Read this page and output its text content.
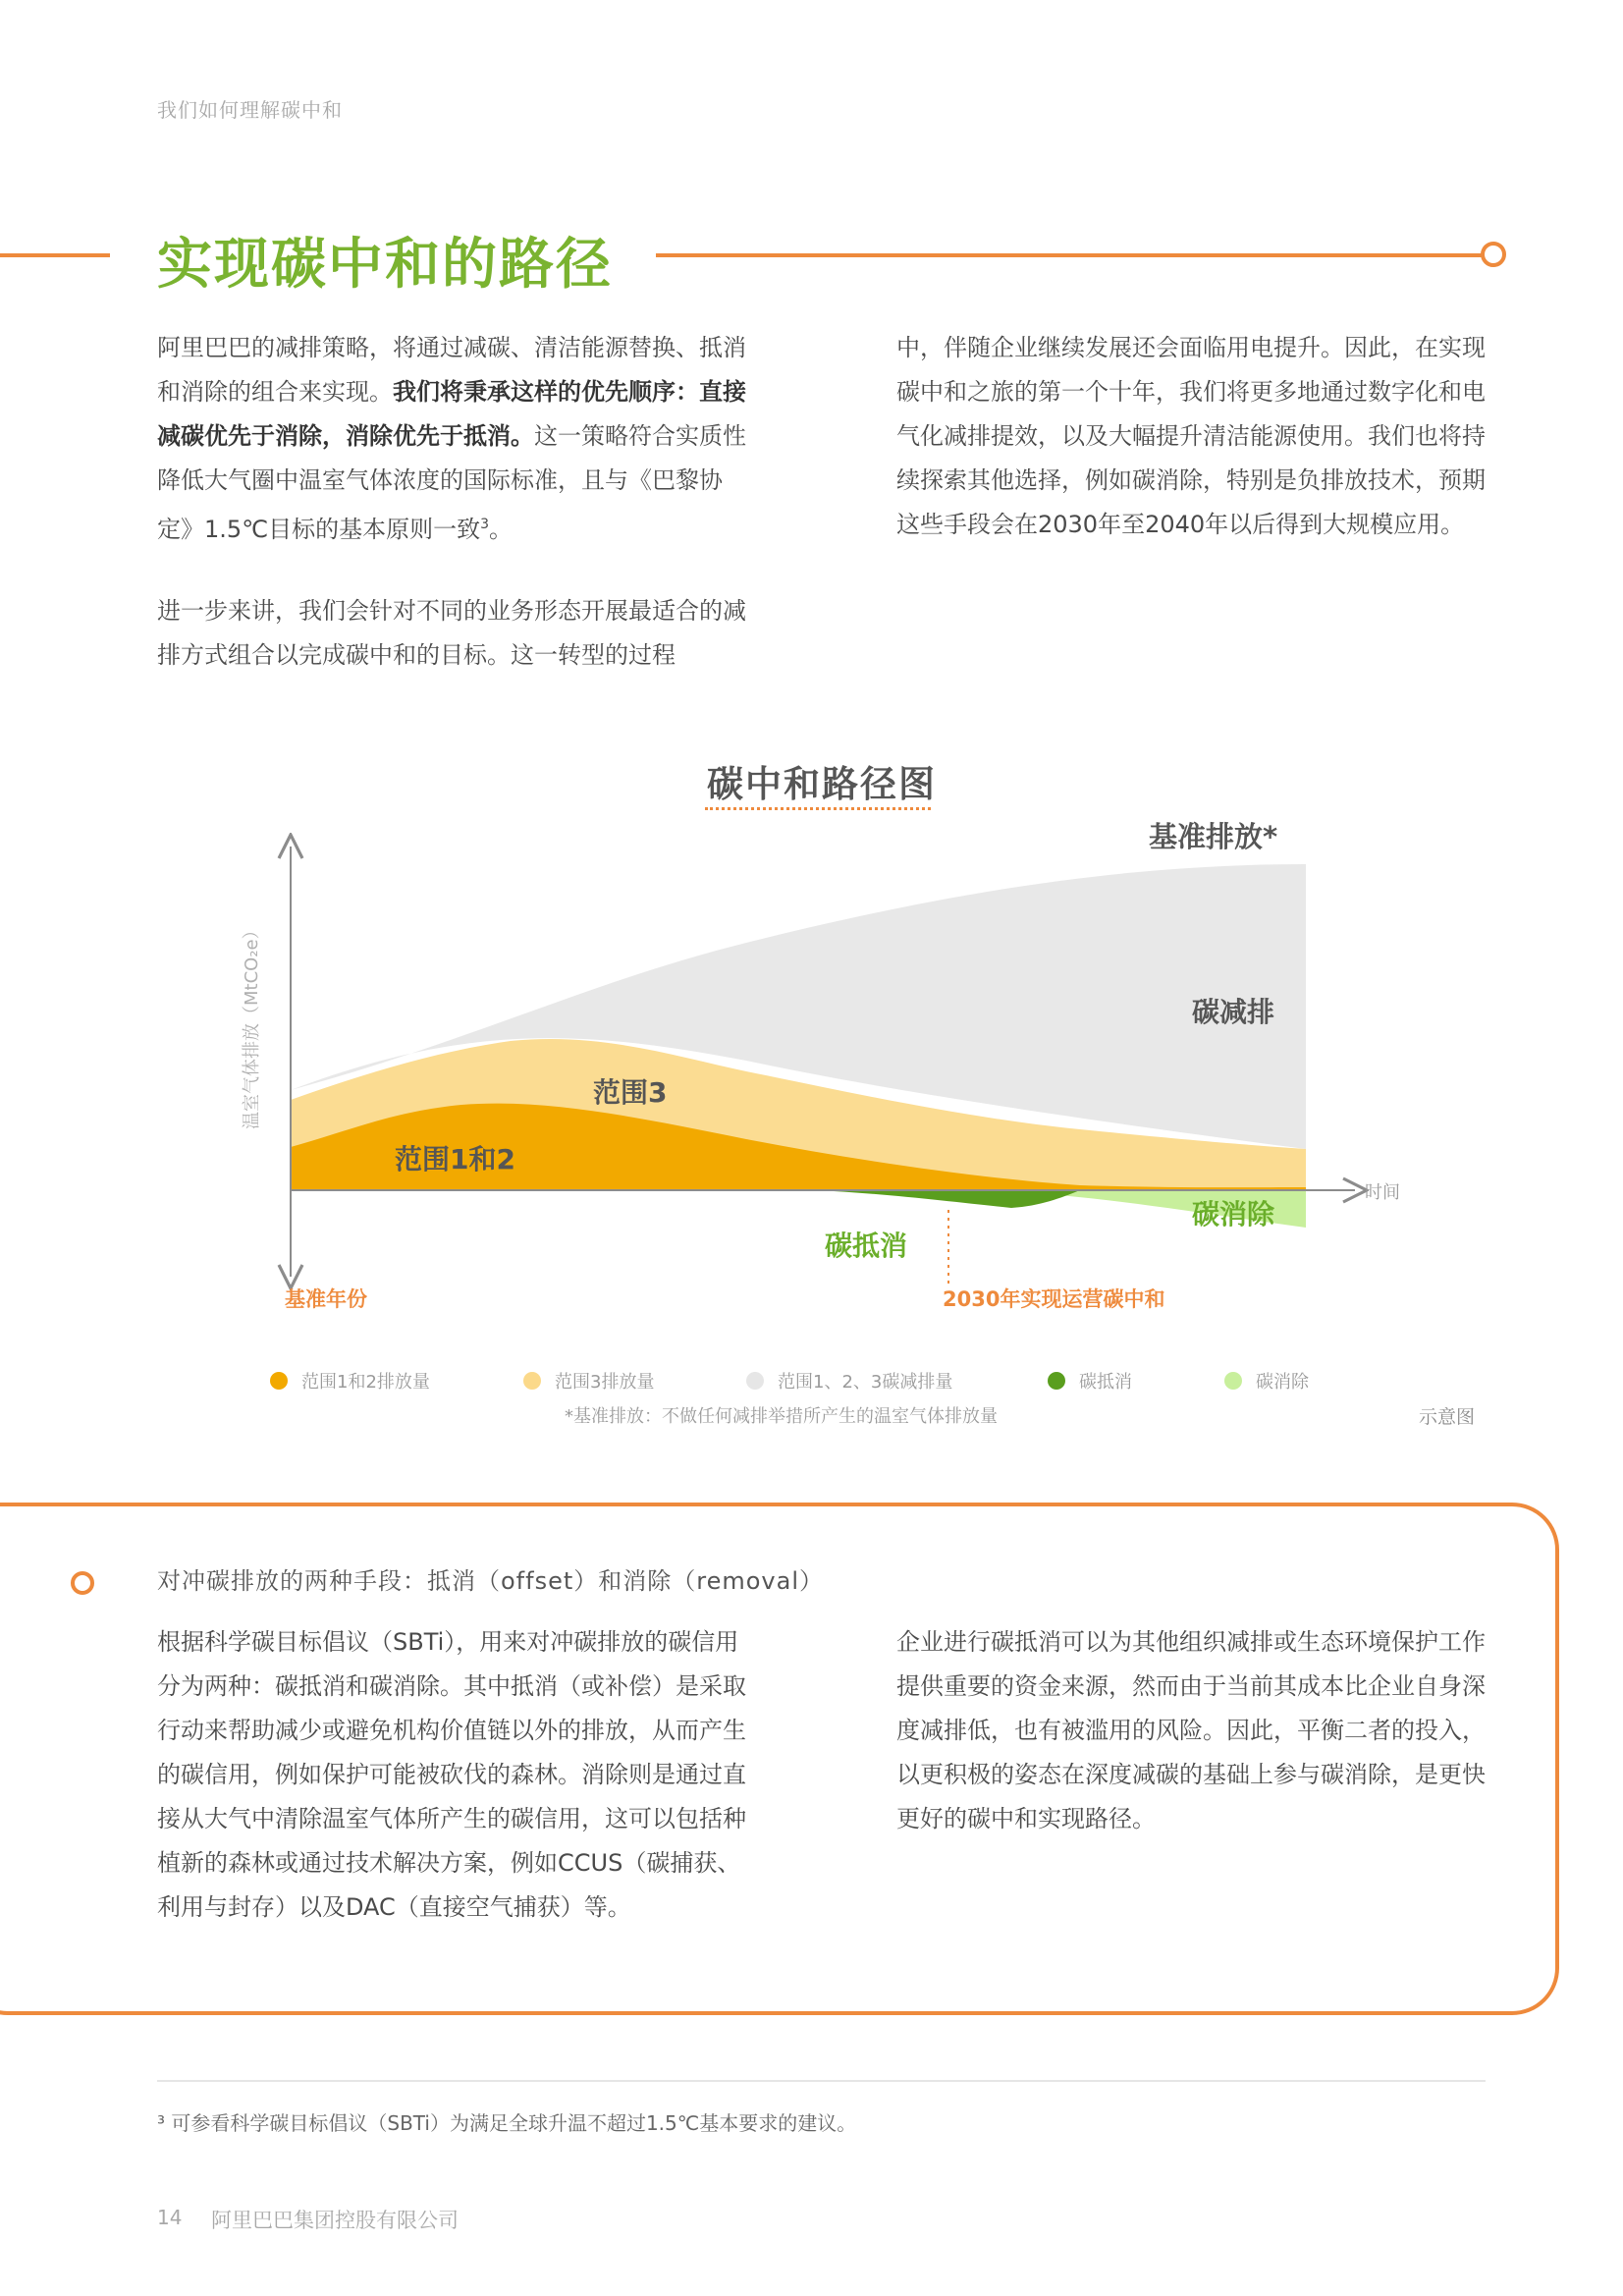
我们如何理解碳中和
实现碳中和的路径
阿里巴巴的减排策略，将通过减碳、清洁能源替换、抵消和消除的组合来实现。我们将秉承这样的优先顺序：直接减碳优先于消除，消除优先于抵消。这一策略符合实质性降低大气圈中温室气体浓度的国际标准，且与《巴黎协定》1.5℃目标的基本原则一致$^3$。
进一步来讲，我们会针对不同的业务形态开展最适合的减排方式组合以完成碳中和的目标。这一转型的过程
中，伴随企业继续发展还会面临用电提升。因此，在实现碳中和之旅的第一个十年，我们将更多地通过数字化和电气化减排提效，以及大幅提升清洁能源使用。我们也将持续探索其他选择，例如碳消除，特别是负排放技术，预期这些手段会在2030年至2040年以后得到大规模应用。
碳中和路径图
基准排放*
碳减排
范围3
范围1和2
碳抵消
碳消除
时间
温室气体排放（MtCO₂e）
基准年份	2030年实现运营碳中和
范围1和2排放量	范围3排放量	范围1、2、3碳减排量	碳抵消	碳消除
*基准排放：不做任何减排举措所产生的温室气体排放量	示意图
对冲碳排放的两种手段：抵消（offset）和消除（removal）
根据科学碳目标倡议（SBTi），用来对冲碳排放的碳信用分为两种：碳抵消和碳消除。其中抵消（或补偿）是采取行动来帮助减少或避免机构价值链以外的排放，从而产生的碳信用，例如保护可能被砍伐的森林。消除则是通过直接从大气中清除温室气体所产生的碳信用，这可以包括种植新的森林或通过技术解决方案，例如CCUS（碳捕获、利用与封存）以及DAC（直接空气捕获）等。
企业进行碳抵消可以为其他组织减排或生态环境保护工作提供重要的资金来源，然而由于当前其成本比企业自身深度减排低，也有被滥用的风险。因此，平衡二者的投入，以更积极的姿态在深度减碳的基础上参与碳消除，是更快更好的碳中和实现路径。
³ 可参看科学碳目标倡议（SBTi）为满足全球升温不超过1.5℃基本要求的建议。
14 阿里巴巴集团控股有限公司
